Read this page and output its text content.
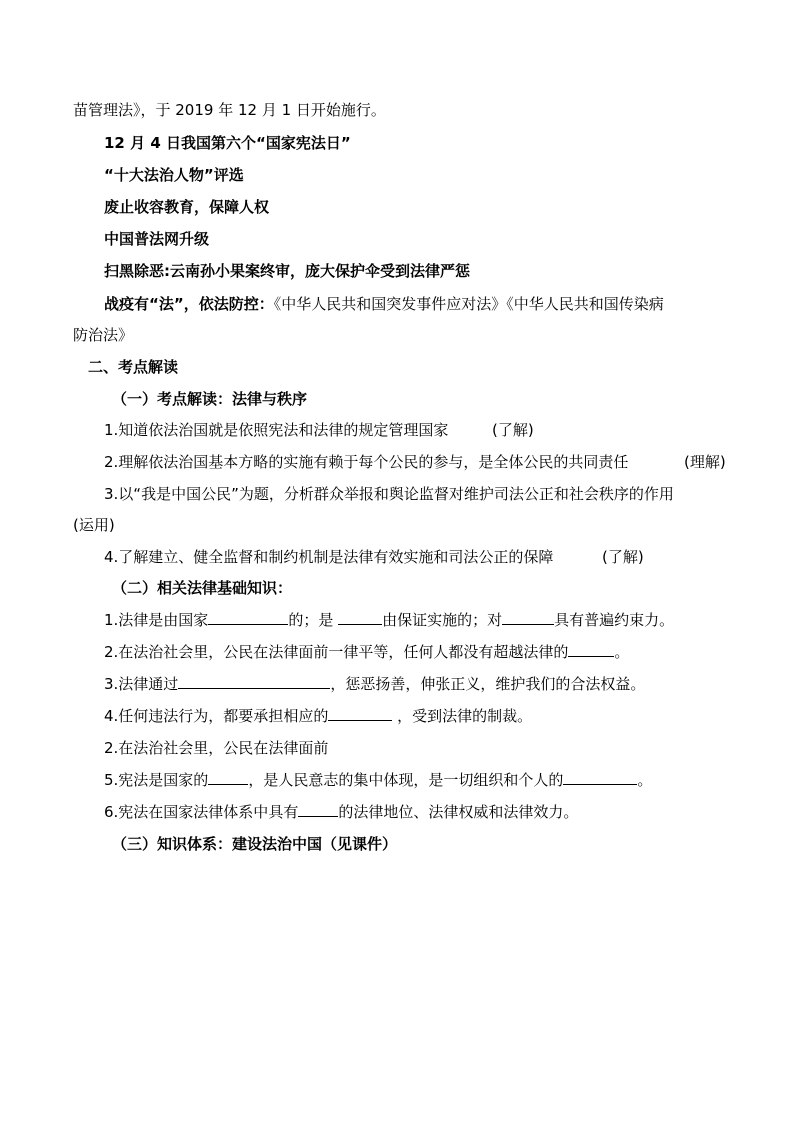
苗管理法》，于 2019 年 12 月 1 日开始施行。
12 月 4 日我国第六个“国家宪法日”
“十大法治人物”评选
废止收容教育，保障人权
中国普法网升级
扫黑除恶:云南孙小果案终审，庞大保护伞受到法律严惩
战疫有“法”，依法防控：《中华人民共和国突发事件应对法》《中华人民共和国传染病
防治法》
二、考点解读
（一）考点解读：法律与秩序
1.知道依法治国就是依照宪法和法律的规定管理国家	(了解)
2.理解依法治国基本方略的实施有赖于每个公民的参与，是全体公民的共同责任	(理解)
3.以“我是中国公民”为题，分析群众举报和舆论监督对维护司法公正和社会秩序的作用
(运用)
4.了解建立、健全监督和制约机制是法律有效实施和司法公正的保障	(了解)
（二）相关法律基础知识：
1.法律是由国家	的；是	由保证实施的；对	具有普遍约束力。
2.在法治社会里，公民在法律面前一律平等，任何人都没有超越法律的	。
3.法律通过	，惩恶扬善，伸张正义，维护我们的合法权益。
4.任何违法行为，都要承担相应的	，受到法律的制裁。
2.在法治社会里，公民在法律面前
5.宪法是国家的	，是人民意志的集中体现，是一切组织和个人的	。
6.宪法在国家法律体系中具有	的法律地位、法律权威和法律效力。
（三）知识体系：建设法治中国（见课件）
